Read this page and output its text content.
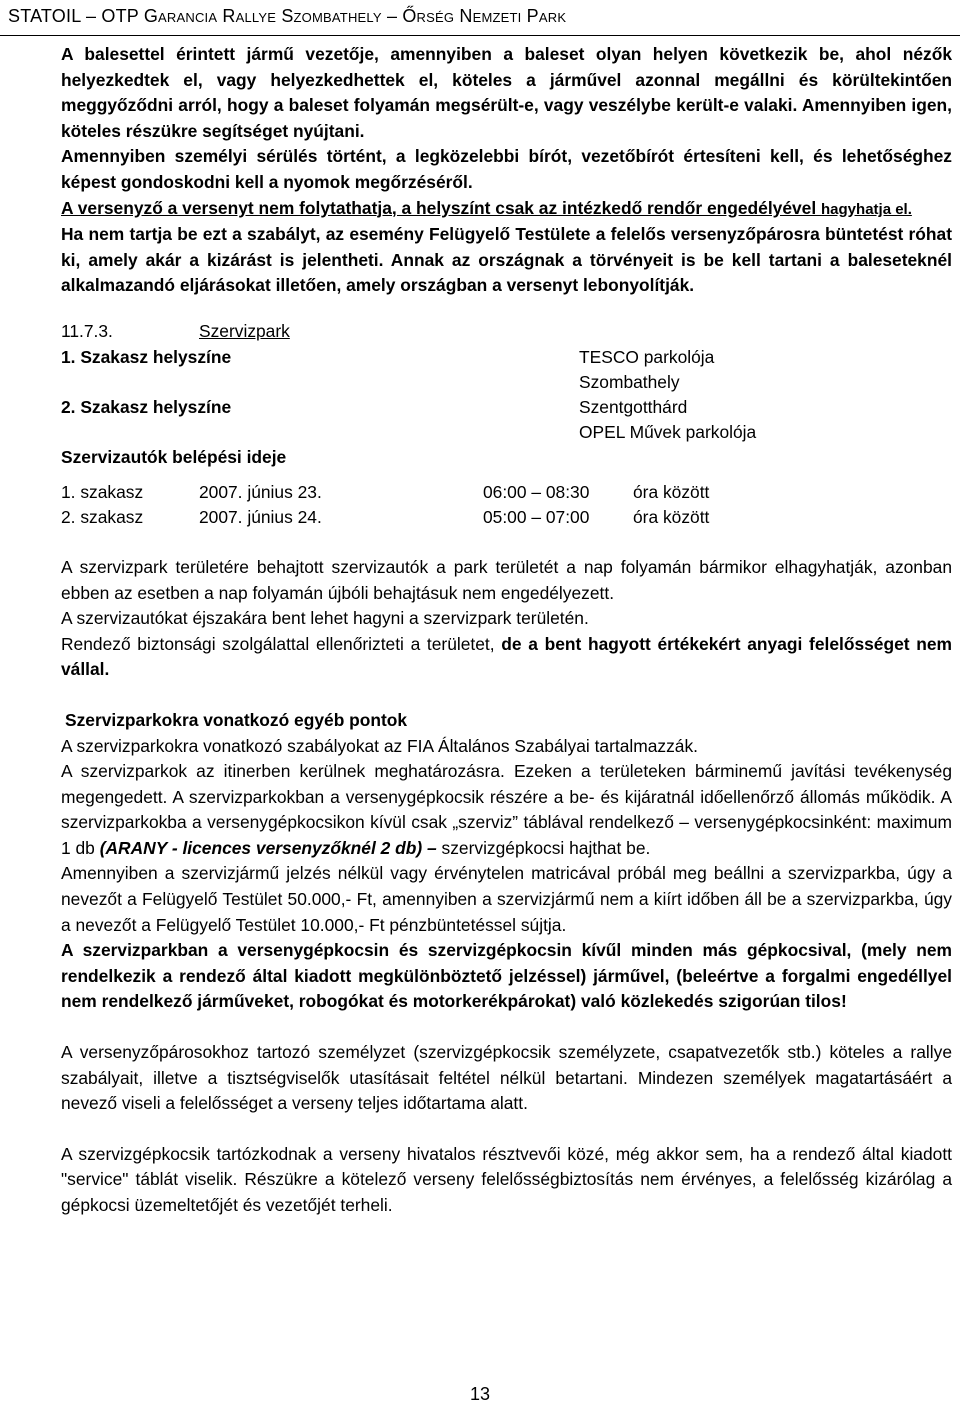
STATOIL – OTP Garancia Rallye Szombathely – Őrség Nemzeti Park

A balesettel érintett jármű vezetője, amennyiben a baleset olyan helyen következik be, ahol nézők helyezkedtek el, vagy helyezkedhettek el, köteles a járművel azonnal megállni és körültekintően meggyőződni arról, hogy a baleset folyamán megsérült-e, vagy veszélybe került-e valaki. Amennyiben igen, köteles részükre segítséget nyújtani.

Amennyiben személyi sérülés történt, a legközelebbi bírót, vezetőbírót értesíteni kell, és lehetőséghez képest gondoskodni kell a nyomok megőrzéséről.

A versenyző a versenyt nem folytathatja, a helyszínt csak az intézkedő rendőr engedélyével hagyhatja el.

Ha nem tartja be ezt a szabályt, az esemény Felügyelő Testülete a felelős versenyzőpárosra büntetést róhat ki, amely akár a kizárást is jelentheti. Annak az országnak a törvényeit is be kell tartani a baleseteknél alkalmazandó eljárásokat illetően, amely országban a versenyt lebonyolítják.

11.7.3.	Szervizpark
1. Szakasz helyszíne	TESCO parkolója
Szombathely
2. Szakasz helyszíne	Szentgotthárd
OPEL Művek parkolója
Szervizautók belépési ideje
1. szakasz	2007. június 23.	06:00 – 08:30	óra között
2. szakasz	2007. június 24.	05:00 – 07:00	óra között

A szervizpark területére behajtott szervizautók a park területét a nap folyamán bármikor elhagyhatják, azonban ebben az esetben a nap folyamán újbóli behajtásuk nem engedélyezett.

A szervizautókat éjszakára bent lehet hagyni a szervizpark területén.

Rendező biztonsági szolgálattal ellenőrizteti a területet, de a bent hagyott értékekért anyagi felelősséget nem vállal.

Szervizparkokra vonatkozó egyéb pontok

A szervizparkokra vonatkozó szabályokat az FIA Általános Szabályai tartalmazzák.

A szervizparkok az itinerben kerülnek meghatározásra. Ezeken a területeken bárminemű javítási tevékenység megengedett. A szervizparkokban a versenygépkocsik részére a be- és kijáratnál időellenőrző állomás működik. A szervizparkokba a versenygépkocsikon kívül csak „szerviz” táblával rendelkező – versenygépkocsinként: maximum 1 db (ARANY - licences versenyzőknél 2 db) – szervizgépkocsi hajthat be.

Amennyiben a szervizjármű jelzés nélkül vagy érvénytelen matricával próbál meg beállni a szervizparkba, úgy a nevezőt a Felügyelő Testület 50.000,- Ft, amennyiben a szervizjármű nem a kiírt időben áll be a szervizparkba, úgy a nevezőt a Felügyelő Testület 10.000,- Ft pénzbüntetéssel sújtja.

A szervizparkban a versenygépkocsin és szervizgépkocsin kívűl minden más gépkocsival, (mely nem rendelkezik a rendező által kiadott megkülönböztető jelzéssel) járművel, (beleértve a forgalmi engedéllyel nem rendelkező járműveket, robogókat és motorkerékpárokat) való közlekedés szigorúan tilos!

A versenyzőpárosokhoz tartozó személyzet (szervizgépkocsik személyzete, csapatvezetők stb.) köteles a rallye szabályait, illetve a tisztségviselők utasításait feltétel nélkül betartani. Mindezen személyek magatartásáért a nevező viseli a felelősséget a verseny teljes időtartama alatt.

A szervizgépkocsik tartózkodnak a verseny hivatalos résztvevői közé, még akkor sem, ha a rendező által kiadott "service" táblát viselik. Részükre a kötelező verseny felelősségbiztosítás nem érvényes, a felelősség kizárólag a gépkocsi üzemeltetőjét és vezetőjét terheli.

13
